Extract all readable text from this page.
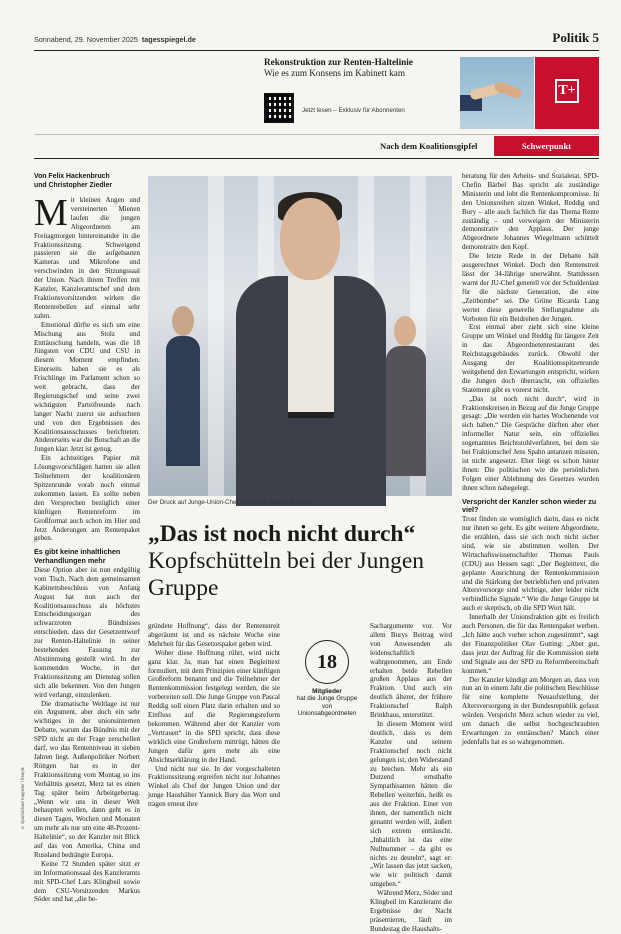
Sonnabend, 29. November 2025 tagesspiegel.de	Politik 5
Rekonstruktion zur Renten-Haltelinie
Wie es zum Konsens im Kabinett kam
Jetzt lesen – Exklusiv für Abonnenten
T+
Nach dem Koalitionsgipfel	Schwerpunkt
Von Felix Hackenbruch
und Christopher Ziedler

Mit kleinen Augen und versteinerten Mienen laufen die jungen Abgeordneten am Freitagmorgen hintereinander in die Fraktionssitzung. Schweigend passieren sie die aufgebauten Kameras und Mikrofone und verschwinden in den Sitzungssaal der Union. Nach ihrem Treffen mit Kanzler, Kanzleramtschef und dem Fraktionsvorsitzenden wirken die Rentenrebellen auf einmal sehr zahm.

Emotional dürfte es sich um eine Mischung aus Stolz und Enttäuschung handeln, was die 18 Jüngsten von CDU und CSU in diesem Moment empfinden. Einerseits haben sie es als Frischlinge im Parlament schon so weit gebracht, dass der Regierungschef und seine zwei wichtigsten Parteifreunde nach langer Nacht zuerst sie aufsuchten und von den Ergebnissen des Koalitionsausschusses berichteten. Andererseits war die Botschaft an die Jungen klar: Jetzt ist genug.

Ein achtseitiges Papier mit Lösungsvorschlägen hatten sie allen Teilnehmern der koalitionären Spitzenrunde vorab noch einmal zukommen lassen. Es sollte neben den Versprechen bezüglich einer künftigen Rentenreform im Großformat auch schon im Hier und Jetzt Änderungen am Rentenpaket geben.

Es gibt keine inhaltlichen Verhandlungen mehr

Diese Option aber ist nun endgültig vom Tisch. Nach dem gemeinsamen Kabinettsbeschluss von Anfang August hat nun auch der Koalitionsausschuss als höchstes Entscheidungsorgan des schwarzroten Bündnisses entschieden, dass der Gesetzentwurf zur Renten-Haltelinie in seiner bestehenden Fassung zur Abstimmung gestellt wird. In der kommenden Woche, in der Fraktionssitzung am Dienstag sollen sich alle bekennen. Von den Jungen wird verlangt, einzulenken.

Die dramatische Weltlage ist nur ein Argument, aber doch ein sehr wichtiges in der unionsinternen Debatte, warum das Bündnis mit der SPD nicht an der Frage zerschellen darf, wo das Rentenniveau in sieben Jahren liegt. Außenpolitiker Norbert Röttgen hat es in der Fraktionssitzung vom Montag so ins Verhältnis gesetzt, Merz tat es einen Tag später beim Arbeitgebertag. „Wenn wir uns in dieser Welt behaupten wollen, dann geht es in diesen Tagen, Wochen und Monaten um mehr als nur um eine 48-Prozent-Haltelinie“, so der Kanzler mit Blick auf das von Amerika, China und Russland bedrängte Europa.

Keine 72 Stunden später sitzt er im Informationssaal des Kanzleramts mit SPD-Chef Lars Klingbeil sowie dem CSU-Vorsitzenden Markus Söder und hat „die be-

Der Druck auf Junge-Union-Chef Johannes Winkel ist hoch.
„Das ist noch nicht durch“ Kopfschütteln bei der Jungen Gruppe

gründete Hoffnung“, dass der Rentenstreit abgeräumt ist und es nächste Woche eine Mehrheit für das Gesetzespaket geben wird.

Woher diese Hoffnung rührt, wird nicht ganz klar. Ja, man hat einen Begleittext formuliert, mit dem Prinzipien einer künftigen Großreform benannt und die Teilnehmer der Rentenkommission festgelegt werden, die sie vorbereiten soll. Die Junge Gruppe von Pascal Reddig soll einen Platz darin erhalten und so Einfluss auf die Regierungsreform bekommen. Während aber der Kanzler vom „Vertrauen“ in die SPD spricht, dass diese wirklich eine Großreform mittrügt, hätten die Jungen dafür gern mehr als eine Absichtserklärung in der Hand.

Und nicht nur sie. In der vorgeschalteten Fraktionssitzung ergreifen nicht nur Johannes Winkel als Chef der Jungen Union und der junge Haushälter Yannick Bury das Wort und tragen erneut ihre

18
Mitglieder
hat die Junge Gruppe von Unionsabgeordneten

Sachargumente vor. Vor allem Burys Beitrag wird von Anwesenden als leidenschaftlich wahrgenommen, am Ende erhalten beide Rebellen großen Applaus aus der Fraktion. Und auch ein deutlich älterer, der frühere Fraktionschef Ralph Brinkhaus, unterstützt.

In diesem Moment wird deutlich, dass es dem Kanzler und seinem Fraktionschef noch nicht gelungen ist, den Widerstand zu brechen. Mehr als ein Dutzend ernsthafte Sympathisanten hätten die Rebellen weiterhin, heißt es aus der Fraktion. Einer von ihnen, der namentlich nicht genannt werden will, äußert sich extrem enttäuscht. „Inhaltlich ist das eine Nullnummer – da gibt es nichts zu deuteln“, sagt er: „Wir lassen das jetzt sacken, wie wir politisch damit umgehen.“

Während Merz, Söder und Klingbeil im Kanzleramt die Ergebnisse der Nacht präsentieren, läuft im Bundestag die Haushalts-

beratung für den Arbeits- und Sozialetat. SPD-Chefin Bärbel Bas spricht als zuständige Ministerin und lobt die Rentenkompromisse. In den Unionsreihen sitzen Winkel, Reddig und Bury – alle auch fachlich für das Thema Rente zuständig – und verweigern der Ministerin demonstrativ den Applaus. Der junge Abgeordnete Johannes Wiegelmann schüttelt demonstrativ den Kopf.

Die letzte Rede in der Debatte hält ausgerechnet Winkel. Doch den Rentenstreit lässt der 34-Jährige unerwähnt. Stattdessen warnt der JU-Chef generell vor der Schuldenlast für die nächste Generation, die eine „Zeitbombe“ sei. Die Grüne Ricarda Lang wertet diese generelle Stellungnahme als Vorboten für ein Beidrehen der Jungen.

Erst einmal aber zieht sich eine kleine Gruppe um Winkel und Reddig für längere Zeit in das Abgeordnetenrestaurant des Reichstagsgebäudes zurück. Obwohl der Ausgang der Koalitionsspitzenrunde weitgehend den Erwartungen entspricht, wirken die Jungen doch überrascht, ein offizielles Statement gibt es vorerst nicht.

„Das ist noch nicht durch“, wird in Fraktionskreisen in Bezug auf die Junge Gruppe gesagt: „Die werden ein hartes Wochenende vor sich haben.“ Die Gespräche dürften aber eher informeller Natur sein, ein offizielles sogenanntes Beichtstuhlverfahren, bei dem sie bei Fraktionschef Jens Spahn antanzen müssten, ist nicht angesetzt. Eher liegt es schon hinter ihnen: Die politischen wie die persönlichen Folgen einer Ablehnung des Gesetzes wurden ihnen schon nahegelegt.

Verspricht der Kanzler schon wieder zu viel?

Trost finden sie womöglich darin, dass es nicht nur ihnen so geht. Es gibt weitere Abgeordnete, die erzählen, dass sie sich noch nicht sicher sind, wie sie abstimmen wollen. Der Wirtschaftswissenschaftler Thomas Pauls (CDU) aus Hessen sagt: „Der Begleittext, die geplante Ausrichtung der Rentenkommission und die Stärkung der betrieblichen und privaten Altersvorsorge sind wichtige, aber leider nicht verbindliche Signale.“ Wie die Junge Gruppe ist auch er skeptisch, ob die SPD Wort hält.

Innerhalb der Unionsfraktion gibt es freilich auch Personen, die für das Rentenpaket werben. „Ich hätte auch vorher schon zugestimmt“, sagt der Finanzpolitiker Olav Gutting: „Aber gut, dass jetzt der Auftrag für die Kommission steht und Signale aus der SPD zu Reformbereitschaft kommen.“

Der Kanzler kündigt am Morgen an, dass von nun an in einem Jahr die politischen Beschlüsse für eine komplette Neuaufstellung der Altersversorgung in der Bundesrepublik gefasst würden. Verspricht Merz schon wieder zu viel, um danach die selbst hochgeschraubten Erwartungen zu enttäuschen? Manch einer jedenfalls hat es so wahrgenommen.

© dpa/Michael Kappeler / freepik
